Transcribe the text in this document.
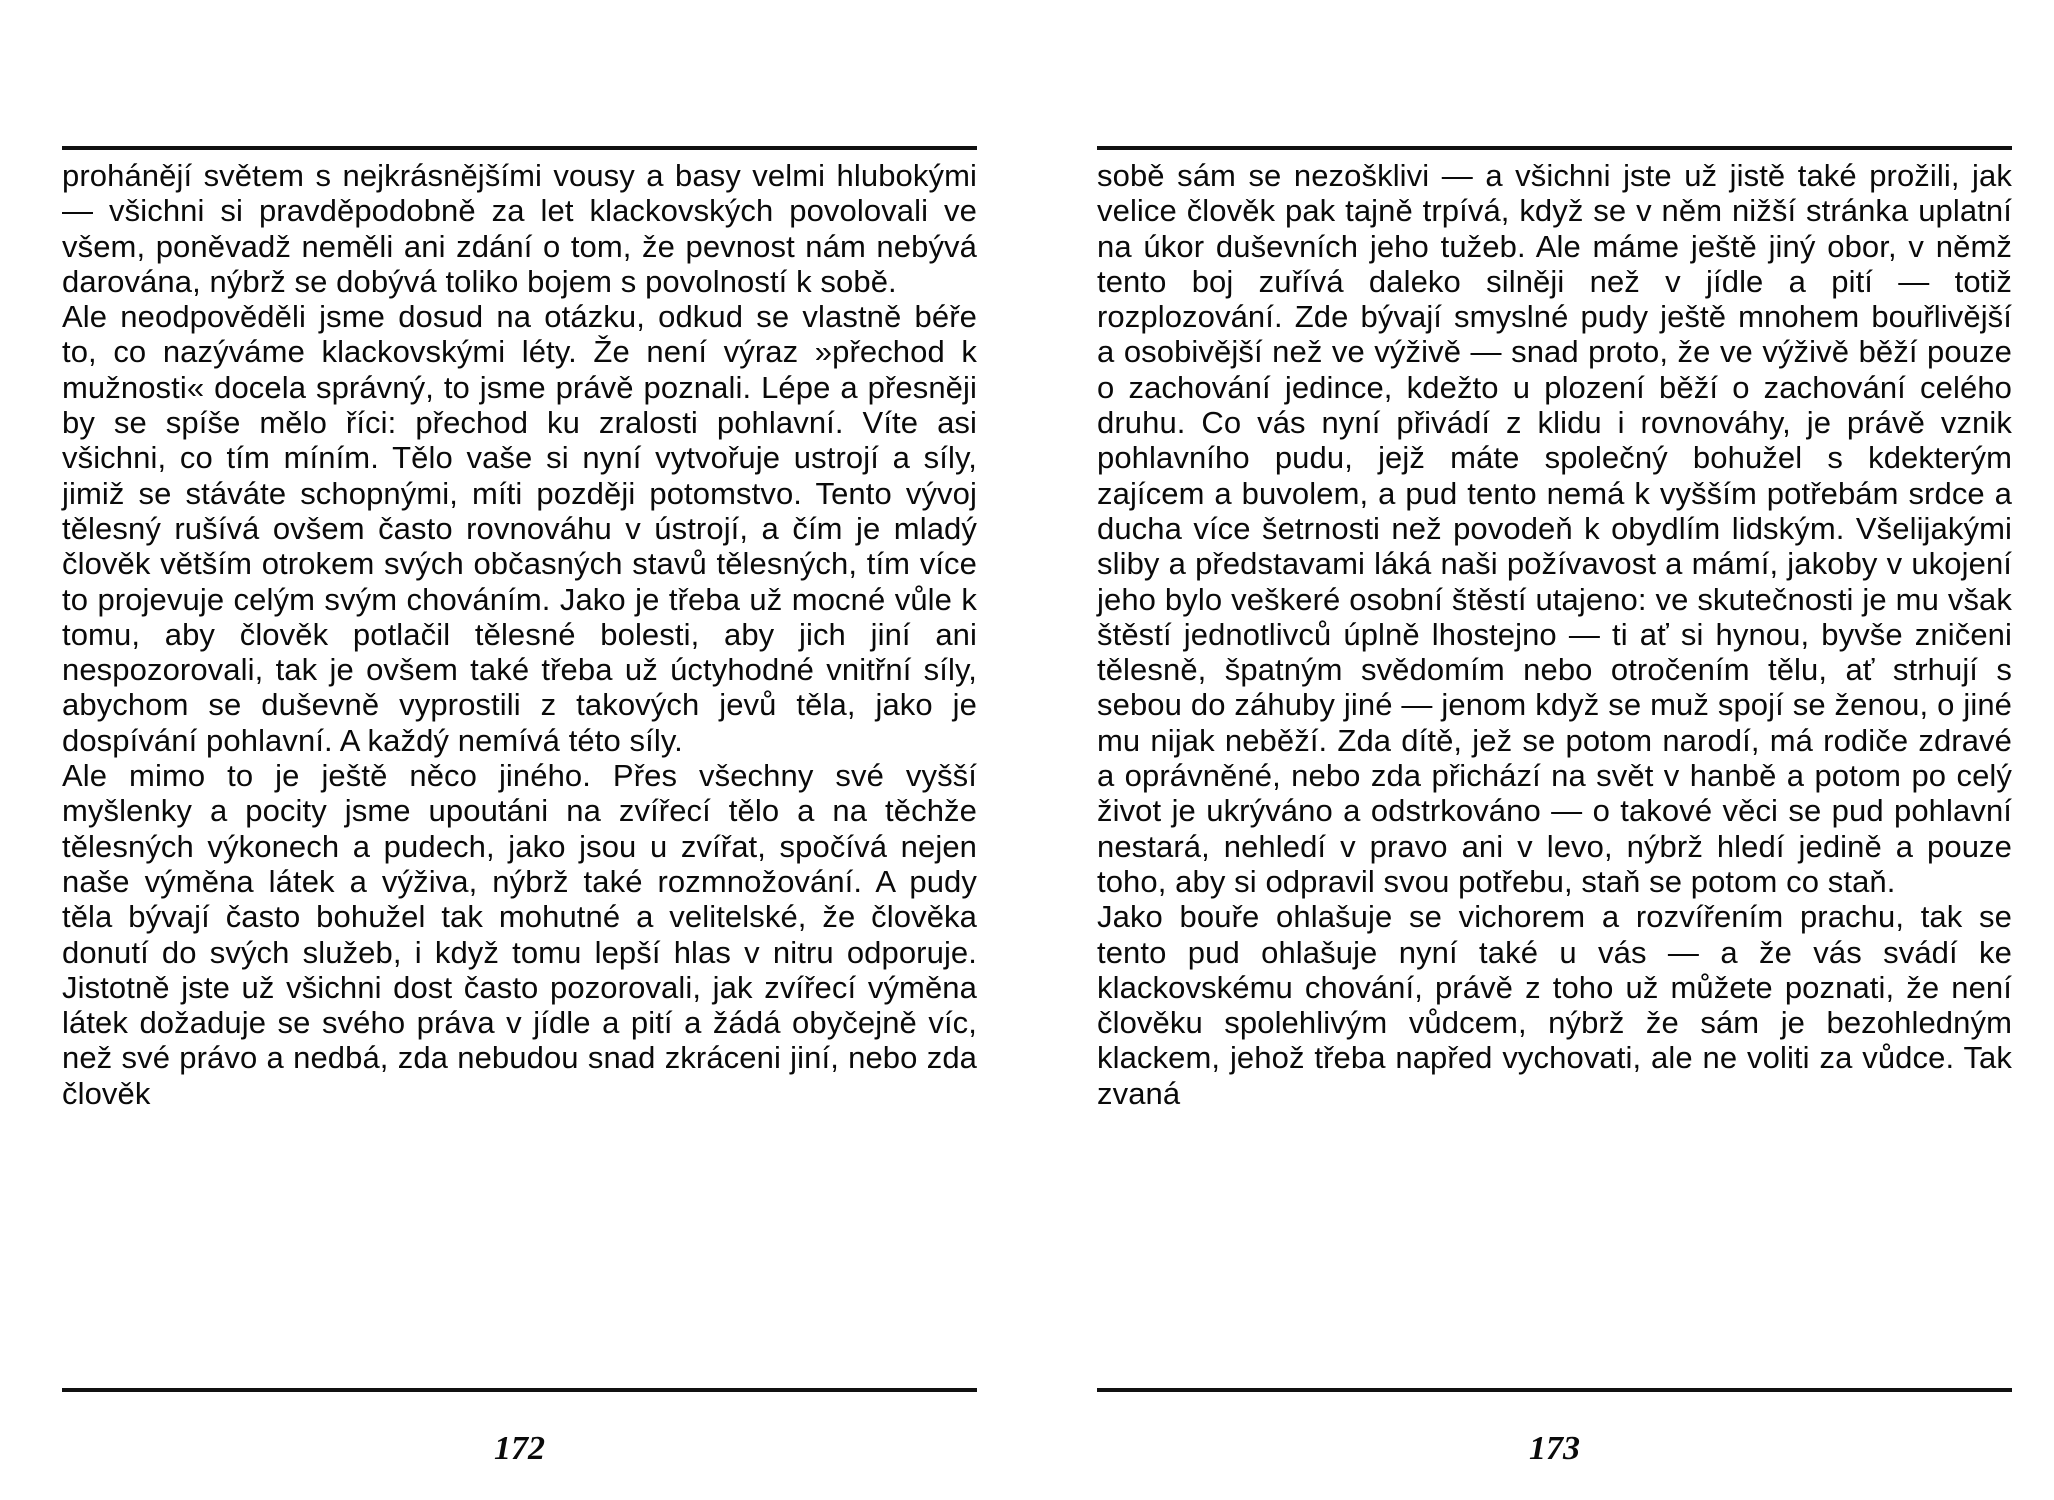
prohánějí světem s nejkrásnějšími vousy a basy velmi hlubokými — všichni si pravděpodobně za let klackovských povolovali ve všem, poněvadž neměli ani zdání o tom, že pevnost nám nebývá darována, nýbrž se dobývá toliko bojem s povolností k sobě.

Ale neodpověděli jsme dosud na otázku, odkud se vlastně béře to, co nazýváme klackovskými léty. Že není výraz »přechod k mužnosti« docela správný, to jsme právě poznali. Lépe a přesněji by se spíše mělo říci: přechod ku zralosti pohlavní. Víte asi všichni, co tím míním. Tělo vaše si nyní vytvořuje ustrojí a síly, jimiž se stáváte schopnými, míti později potomstvo. Tento vývoj tělesný rušívá ovšem často rovnováhu v ústrojí, a čím je mladý člověk větším otrokem svých občasných stavů tělesných, tím více to projevuje celým svým chováním. Jako je třeba už mocné vůle k tomu, aby člověk potlačil tělesné bolesti, aby jich jiní ani nespozorovali, tak je ovšem také třeba už úctyhodné vnitřní síly, abychom se duševně vyprostili z takových jevů těla, jako je dospívání pohlavní. A každý nemívá této síly.

Ale mimo to je ještě něco jiného. Přes všechny své vyšší myšlenky a pocity jsme upoutáni na zvířecí tělo a na těchže tělesných výkonech a pudech, jako jsou u zvířat, spočívá nejen naše výměna látek a výživa, nýbrž také rozmnožování. A pudy těla bývají často bohužel tak mohutné a velitelské, že člověka donutí do svých služeb, i když tomu lepší hlas v nitru odporuje. Jistotně jste už všichni dost často pozorovali, jak zvířecí výměna látek dožaduje se svého práva v jídle a pití a žádá obyčejně víc, než své právo a nedbá, zda nebudou snad zkráceni jiní, nebo zda člověk

172

sobě sám se nezošklivi — a všichni jste už jistě také prožili, jak velice člověk pak tajně trpívá, když se v něm nižší stránka uplatní na úkor duševních jeho tužeb. Ale máme ještě jiný obor, v němž tento boj zuřívá daleko silněji než v jídle a pití — totiž rozplozování. Zde bývají smyslné pudy ještě mnohem bouřlivější a osobivější než ve výživě — snad proto, že ve výživě běží pouze o zachování jedince, kdežto u plození běží o zachování celého druhu. Co vás nyní přivádí z klidu i rovnováhy, je právě vznik pohlavního pudu, jejž máte společný bohužel s kdekterým zajícem a buvolem, a pud tento nemá k vyšším potřebám srdce a ducha více šetrnosti než povodeň k obydlím lidským. Všelijakými sliby a představami láká naši požívavost a mámí, jakoby v ukojení jeho bylo veškeré osobní štěstí utajeno: ve skutečnosti je mu však štěstí jednotlivců úplně lhostejno — ti ať si hynou, byvše zničeni tělesně, špatným svědomím nebo otročením tělu, ať strhují s sebou do záhuby jiné — jenom když se muž spojí se ženou, o jiné mu nijak neběží. Zda dítě, jež se potom narodí, má rodiče zdravé a oprávněné, nebo zda přichází na svět v hanbě a potom po celý život je ukrýváno a odstrkováno — o takové věci se pud pohlavní nestará, nehledí v pravo ani v levo, nýbrž hledí jedině a pouze toho, aby si odpravil svou potřebu, staň se potom co staň.

Jako bouře ohlašuje se vichorem a rozvířením prachu, tak se tento pud ohlašuje nyní také u vás — a že vás svádí ke klackovskému chování, právě z toho už můžete poznati, že není člověku spolehlivým vůdcem, nýbrž že sám je bezohledným klackem, jehož třeba napřed vychovati, ale ne voliti za vůdce. Tak zvaná

173
